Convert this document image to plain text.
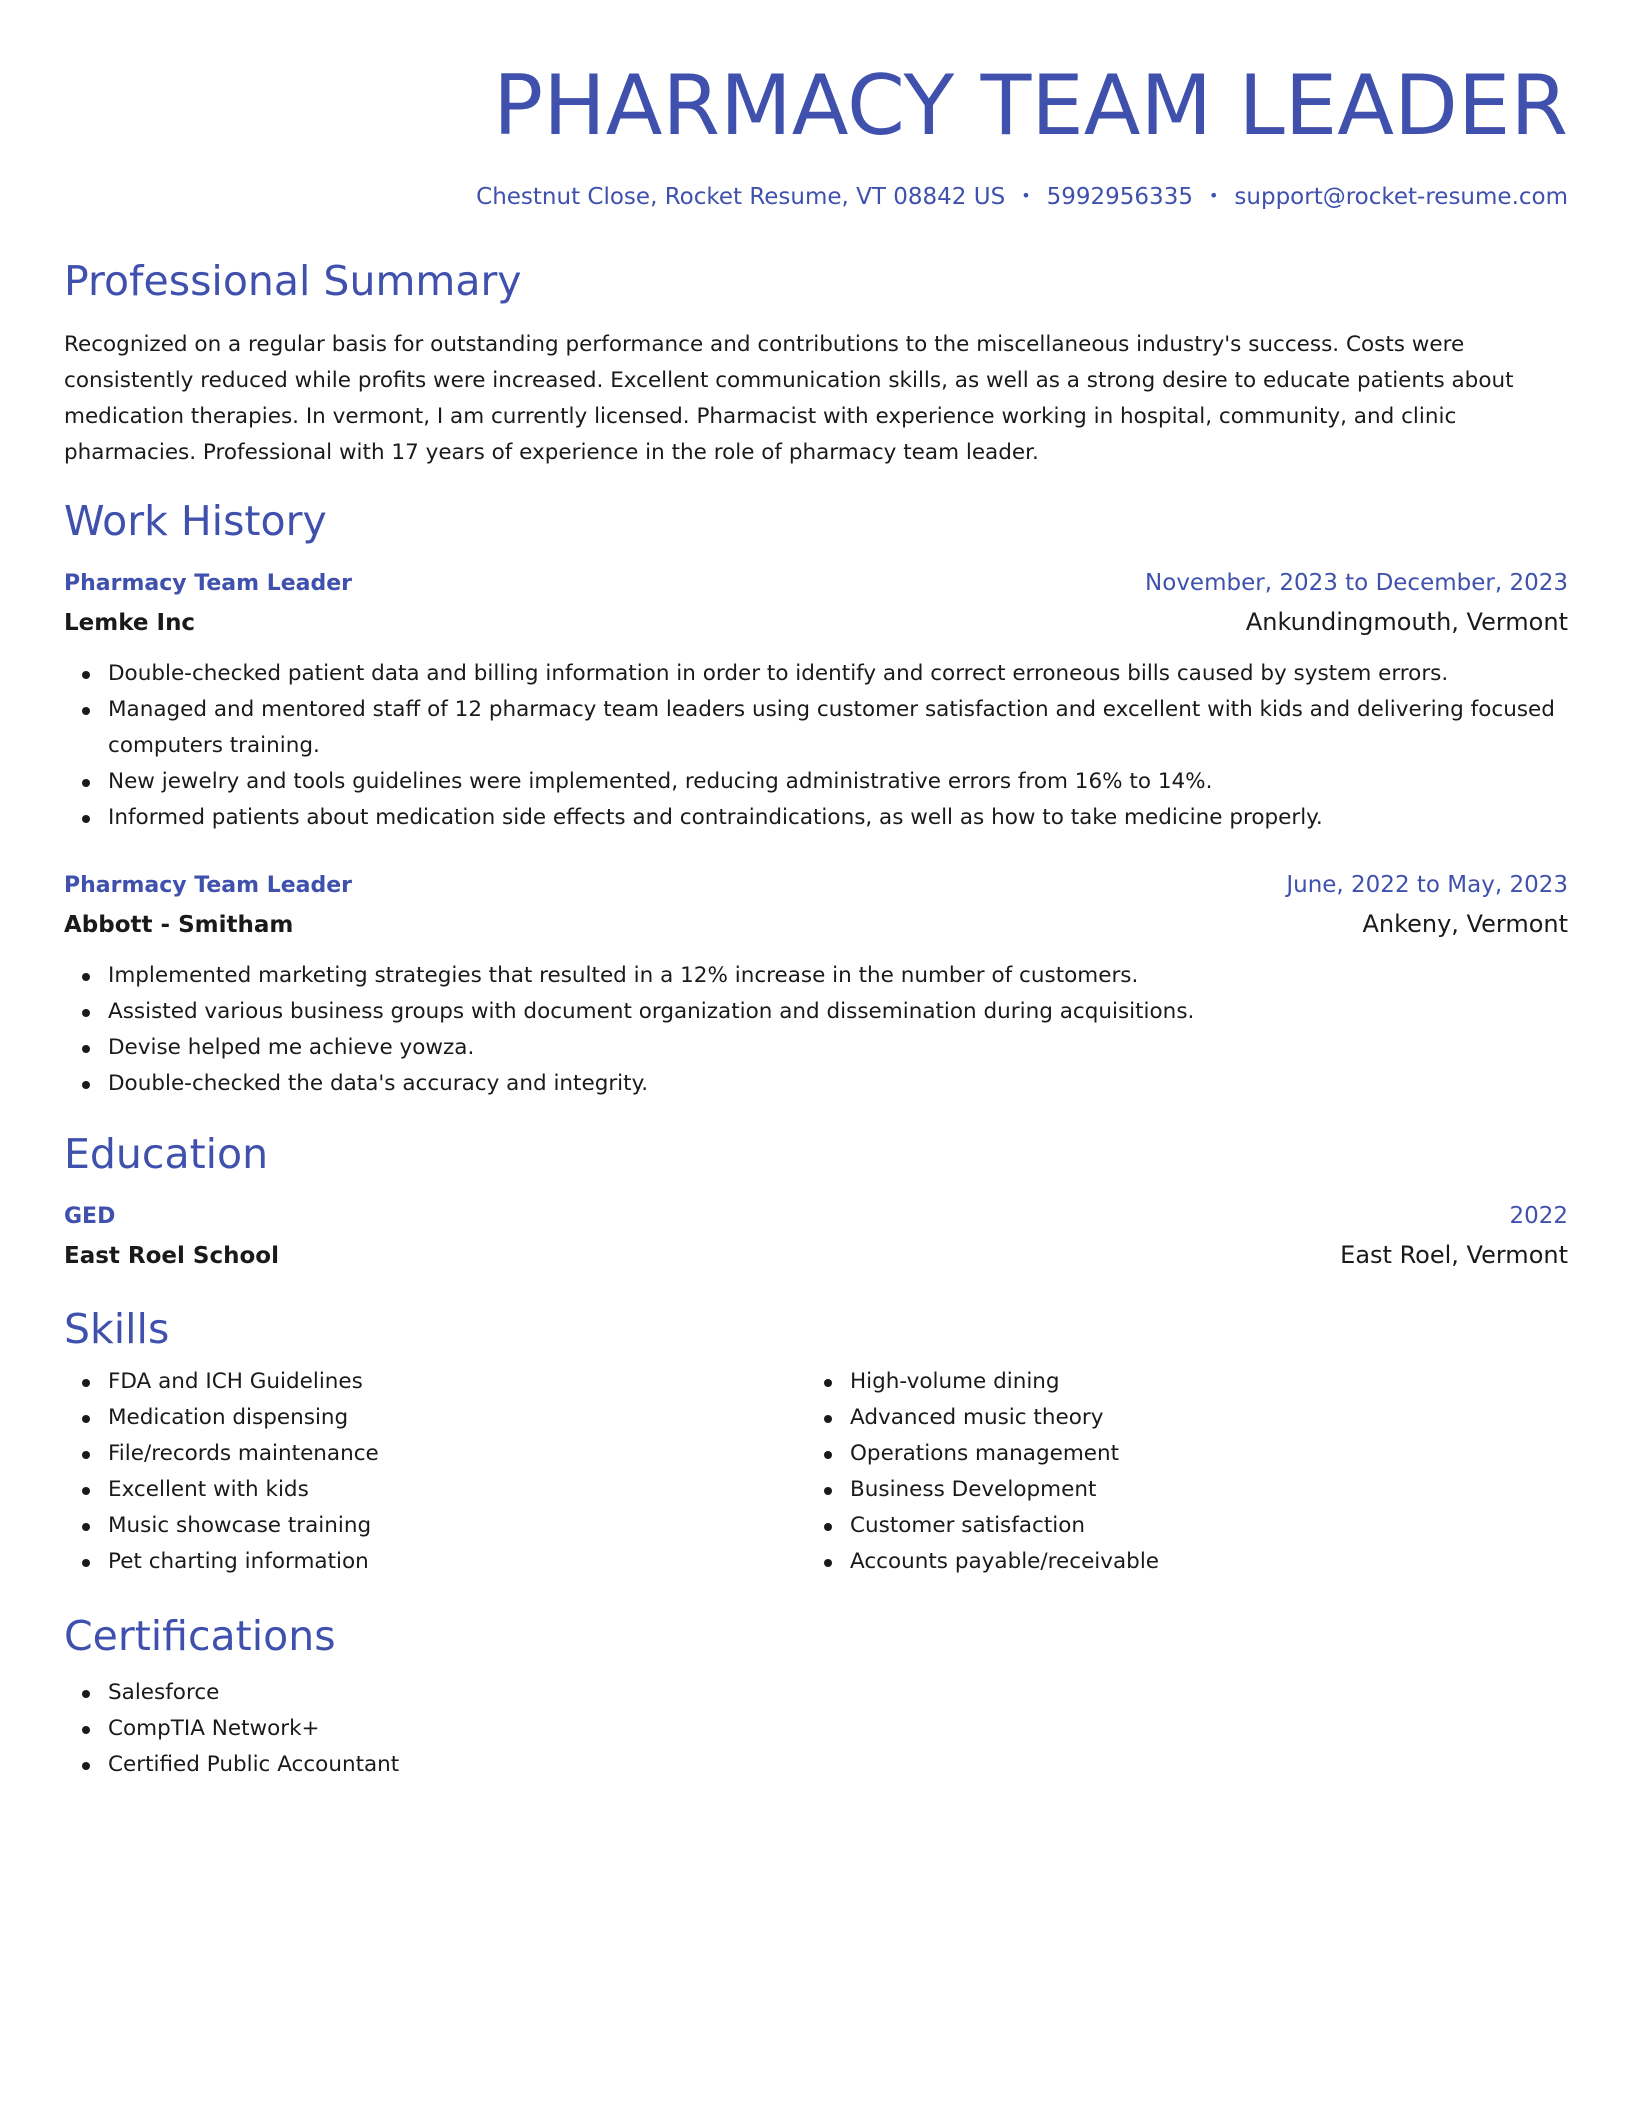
PHARMACY TEAM LEADER
Chestnut Close, Rocket Resume, VT 08842 US • 5992956335 • support@rocket-resume.com
Professional Summary

Recognized on a regular basis for outstanding performance and contributions to the miscellaneous industry's success. Costs were consistently reduced while profits were increased. Excellent communication skills, as well as a strong desire to educate patients about medication therapies. In vermont, I am currently licensed. Pharmacist with experience working in hospital, community, and clinic pharmacies. Professional with 17 years of experience in the role of pharmacy team leader.

Work History
Pharmacy Team Leader	November, 2023 to December, 2023
Lemke Inc	Ankundingmouth, Vermont
Double-checked patient data and billing information in order to identify and correct erroneous bills caused by system errors.
Managed and mentored staff of 12 pharmacy team leaders using customer satisfaction and excellent with kids and delivering focused computers training.
New jewelry and tools guidelines were implemented, reducing administrative errors from 16% to 14%.
Informed patients about medication side effects and contraindications, as well as how to take medicine properly.
Pharmacy Team Leader	June, 2022 to May, 2023
Abbott - Smitham	Ankeny, Vermont
Implemented marketing strategies that resulted in a 12% increase in the number of customers.
Assisted various business groups with document organization and dissemination during acquisitions.
Devise helped me achieve yowza.
Double-checked the data's accuracy and integrity.
Education
GED	2022
East Roel School	East Roel, Vermont
Skills
FDA and ICH Guidelines
Medication dispensing
File/records maintenance
Excellent with kids
Music showcase training
Pet charting information
High-volume dining
Advanced music theory
Operations management
Business Development
Customer satisfaction
Accounts payable/receivable
Certifications
Salesforce
CompTIA Network+
Certified Public Accountant
